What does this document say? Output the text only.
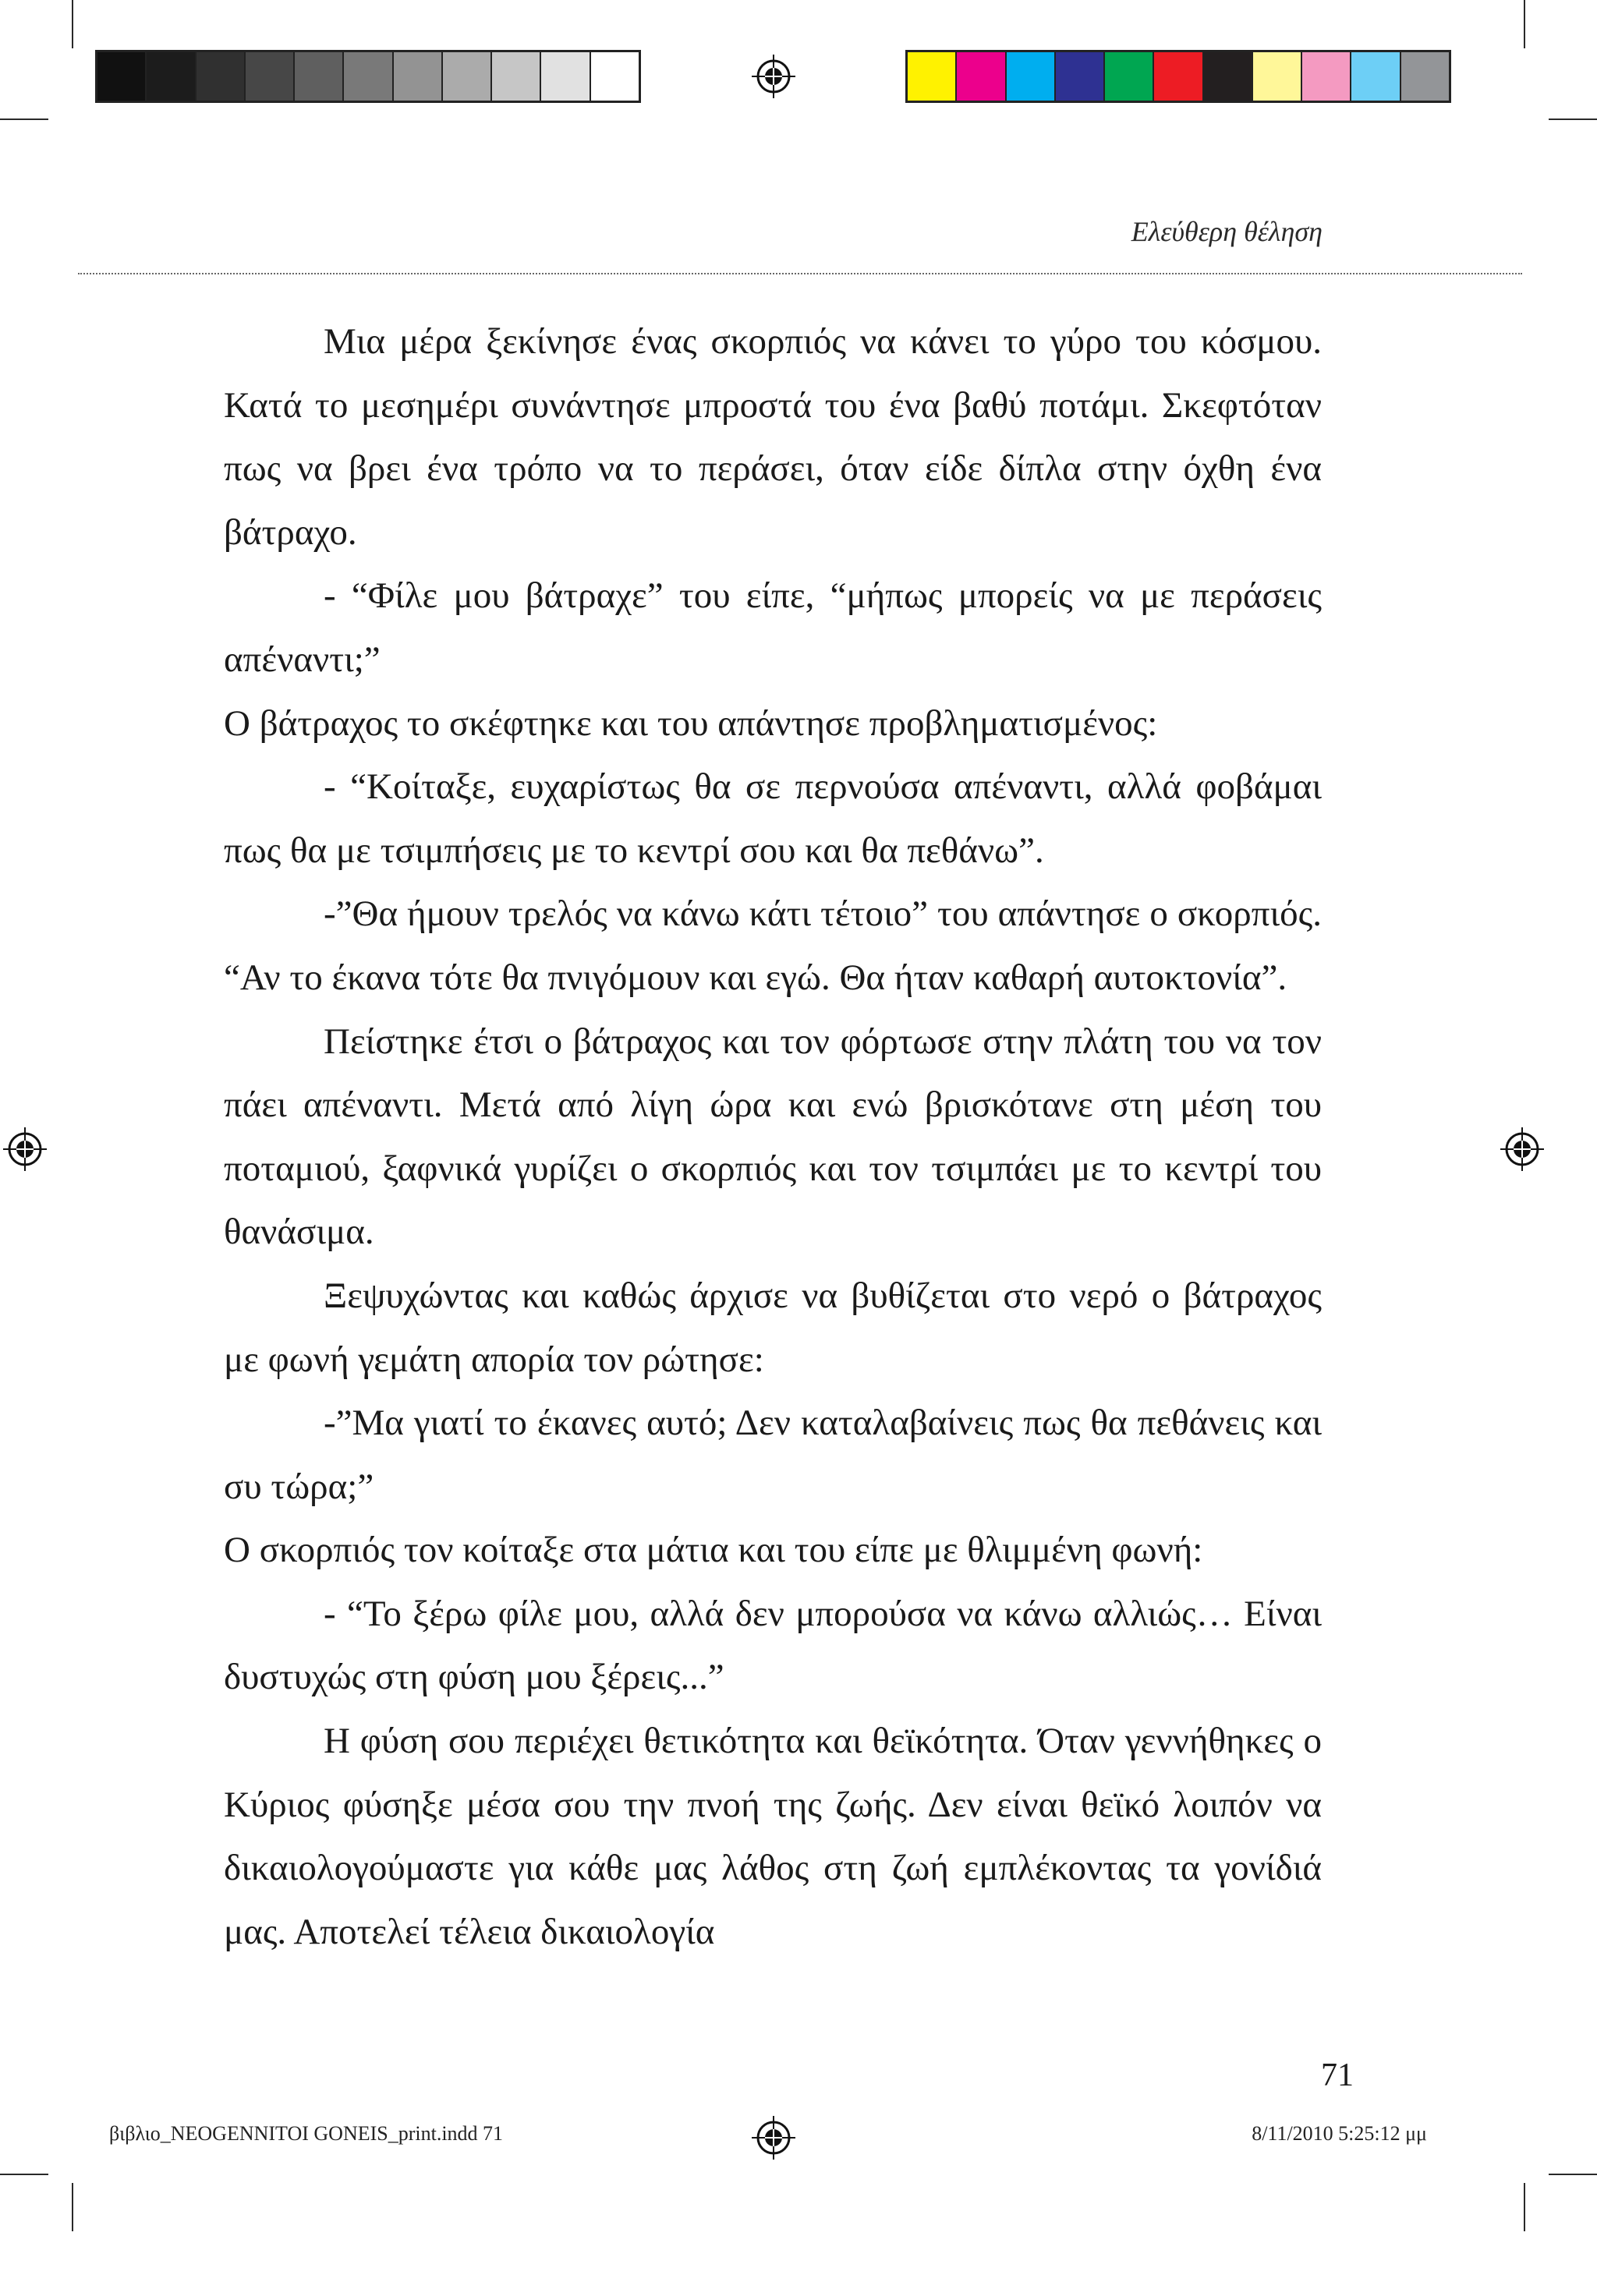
Ελεύθερη θέληση

Μια μέρα ξεκίνησε ένας σκορπιός να κάνει το γύρο του κόσμου. Κατά το μεσημέρι συνάντησε μπροστά του ένα βαθύ ποτάμι. Σκεφτόταν πως να βρει ένα τρόπο να το περάσει, όταν είδε δίπλα στην όχθη ένα βάτραχο.

- “Φίλε μου βάτραχε” του είπε, “μήπως μπορείς να με περάσεις απέναντι;”

Ο βάτραχος το σκέφτηκε και του απάντησε προβληματισμένος:

- “Κοίταξε, ευχαρίστως θα σε περνούσα απέναντι, αλλά φοβάμαι πως θα με τσιμπήσεις με το κεντρί σου και θα πεθάνω”.

-”Θα ήμουν τρελός να κάνω κάτι τέτοιο” του απάντησε ο σκορπιός. “Αν το έκανα τότε θα πνιγόμουν και εγώ. Θα ήταν καθαρή αυτοκτονία”.

Πείστηκε έτσι ο βάτραχος και τον φόρτωσε στην πλάτη του να τον πάει απέναντι. Μετά από λίγη ώρα και ενώ βρισκότανε στη μέση του ποταμιού, ξαφνικά γυρίζει ο σκορπιός και τον τσιμπάει με το κεντρί του θανάσιμα.

Ξεψυχώντας και καθώς άρχισε να βυθίζεται στο νερό ο βάτραχος με φωνή γεμάτη απορία τον ρώτησε:

-”Μα γιατί το έκανες αυτό; Δεν καταλαβαίνεις πως θα πεθάνεις και συ τώρα;”

Ο σκορπιός τον κοίταξε στα μάτια και του είπε με θλιμμένη φωνή:

- “Το ξέρω φίλε μου, αλλά δεν μπορούσα να κάνω αλλιώς… Είναι δυστυχώς στη φύση μου ξέρεις...”

Η φύση σου περιέχει θετικότητα και θεϊκότητα. Όταν γεννήθηκες ο Κύριος φύσηξε μέσα σου την πνοή της ζωής. Δεν είναι θεϊκό λοιπόν να δικαιολογούμαστε για κάθε μας λάθος στη ζωή εμπλέκοντας τα γονίδιά μας. Αποτελεί τέλεια δικαιολογία

71
βιβλιο_NEOGENNITOI GONEIS_print.indd 71	8/11/2010 5:25:12 μμ
